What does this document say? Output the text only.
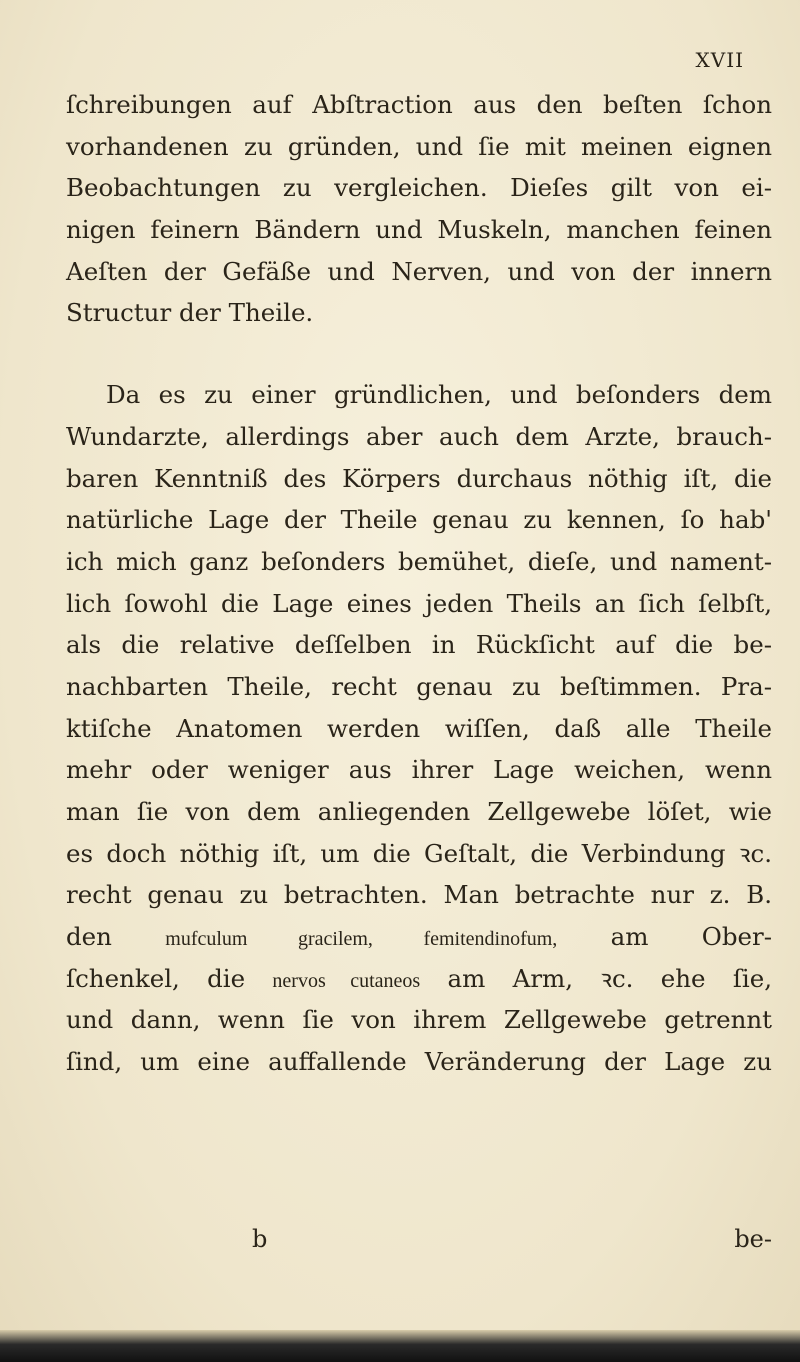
XVII
ſchreibungen auf Abſtraction aus den beſten ſchon
vorhandenen zu gründen, und ſie mit meinen eignen
Beobachtungen zu vergleichen. Dieſes gilt von ei-
nigen feinern Bändern und Muskeln, manchen feinen
Aeſten der Gefäße und Nerven, und von der innern
Structur der Theile.
Da es zu einer gründlichen, und beſonders dem
Wundarzte, allerdings aber auch dem Arzte, brauch-
baren Kenntniß des Körpers durchaus nöthig iſt, die
natürliche Lage der Theile genau zu kennen, ſo hab'
ich mich ganz beſonders bemühet, dieſe, und nament-
lich ſowohl die Lage eines jeden Theils an ſich ſelbſt,
als die relative deſſelben in Rückſicht auf die be-
nachbarten Theile, recht genau zu beſtimmen. Pra-
ktiſche Anatomen werden wiſſen, daß alle Theile
mehr oder weniger aus ihrer Lage weichen, wenn
man ſie von dem anliegenden Zellgewebe löſet, wie
es doch nöthig iſt, um die Geſtalt, die Verbindung ꝛc.
recht genau zu betrachten. Man betrachte nur z. B.
den	mufculum gracilem, femitendinofum, am Ober-
ſchenkel, die nervos cutaneos am Arm, ꝛc. ehe ſie,
und dann, wenn ſie von ihrem Zellgewebe getrennt
ſind, um eine auffallende Veränderung der Lage zu
b	be-
